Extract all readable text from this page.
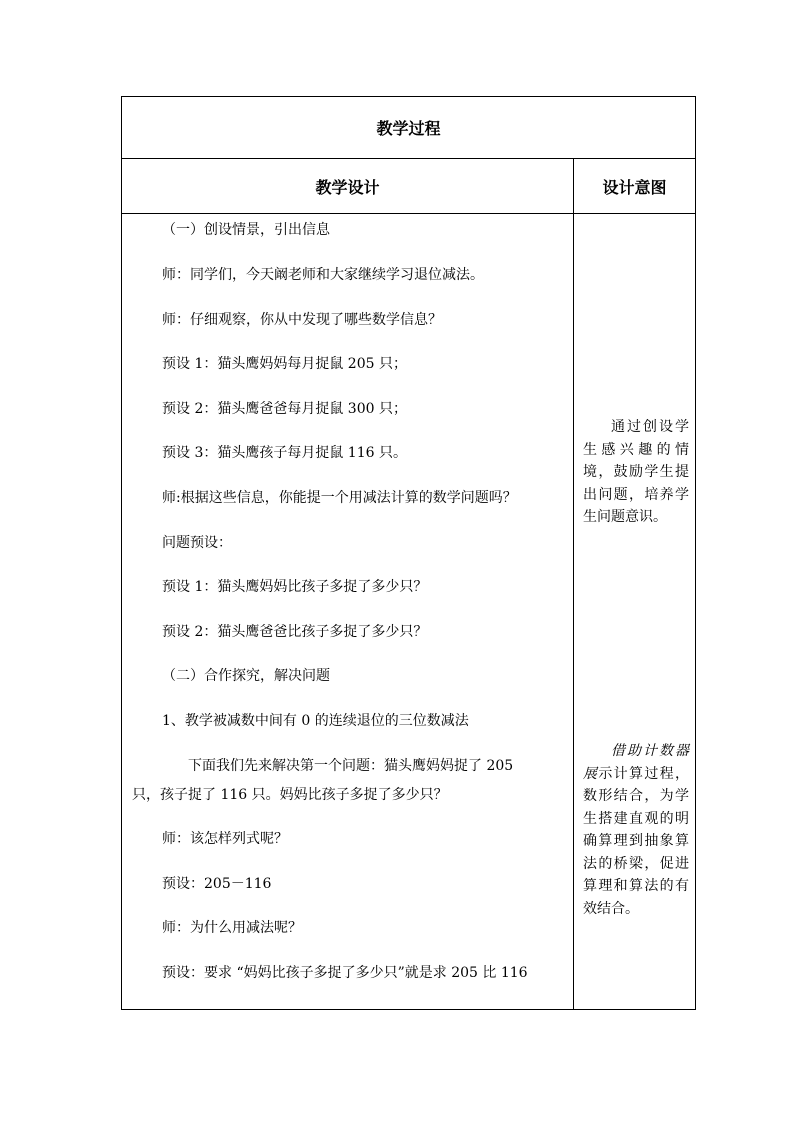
教学过程
教学设计	设计意图
（一）创设情景，引出信息
师：同学们，今天阚老师和大家继续学习退位减法。
师：仔细观察，你从中发现了哪些数学信息？
预设 1：猫头鹰妈妈每月捉鼠 205 只；
预设 2：猫头鹰爸爸每月捉鼠 300 只；
预设 3：猫头鹰孩子每月捉鼠 116 只。
师:根据这些信息，你能提一个用减法计算的数学问题吗？
问题预设：
预设 1：猫头鹰妈妈比孩子多捉了多少只？
预设 2：猫头鹰爸爸比孩子多捉了多少只？
（二）合作探究，解决问题
1、教学被减数中间有 0 的连续退位的三位数减法
下面我们先来解决第一个问题：猫头鹰妈妈捉了 205
只，孩子捉了 116 只。妈妈比孩子多捉了多少只？
师：该怎样列式呢？
预设：205－116
师：为什么用减法呢？
预设：要求 “妈妈比孩子多捉了多少只”就是求 205 比 116
通过创设学生感兴趣的情境，鼓励学生提出问题，培养学生问题意识。
借助计数器展示计算过程，数形结合，为学生搭建直观的明确算理到抽象算法的桥梁，促进算理和算法的有效结合。
